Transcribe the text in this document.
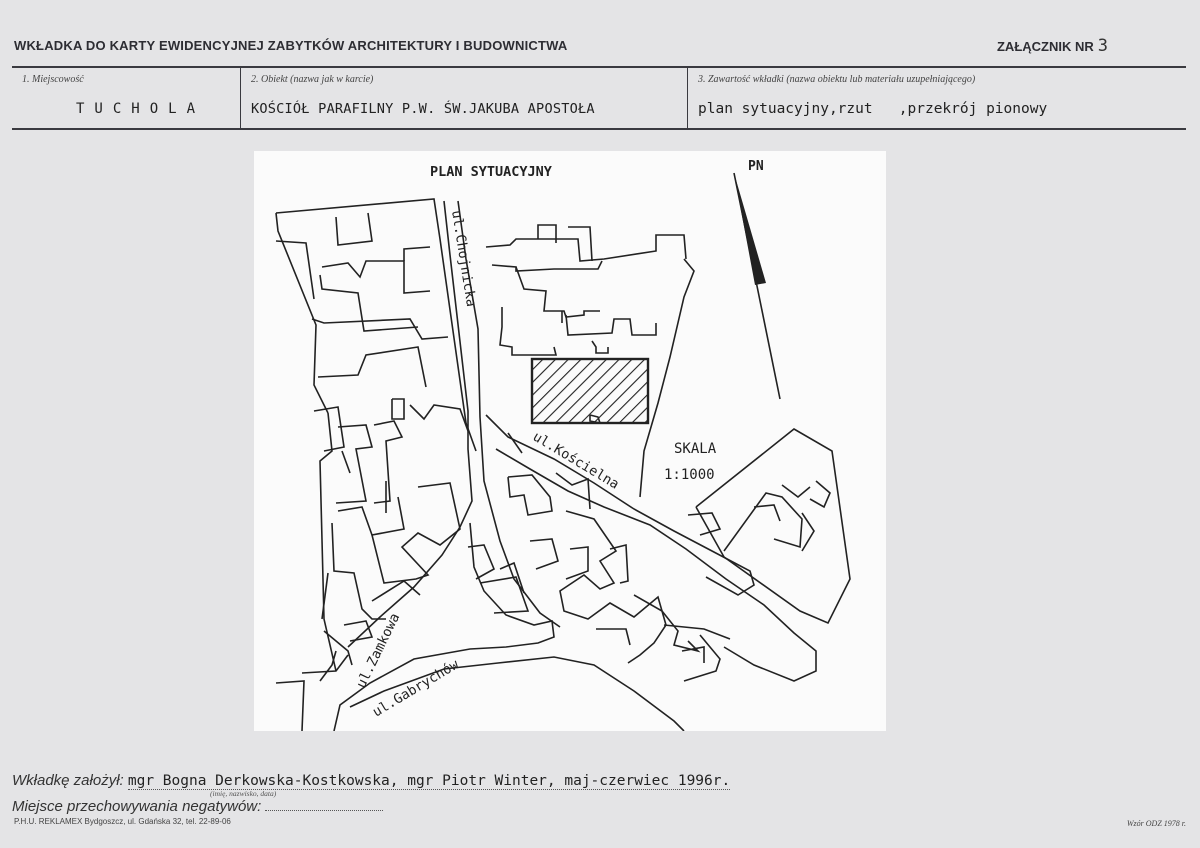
WKŁADKA DO KARTY EWIDENCYJNEJ ZABYTKÓW ARCHITEKTURY I BUDOWNICTWA	ZAŁĄCZNIK NR 3
1. Miejscowość
TUCHOLA
2. Obiekt (nazwa jak w karcie)
KOŚCIÓŁ PARAFILNY P.W. ŚW.JAKUBA APOSTOŁA
3. Zawartość wkładki (nazwa obiektu lub materiału uzupełniającego)
plan sytuacyjny,rzut   ,przekrój pionowy
PLAN SYTUACYJNY	PN
SKALA
1:1000
ul.Chojnicka
ul.Kościelna
ul.Zamkowa
ul.Gabrychów
Wkładkę założył: mgr Bogna Derkowska-Kostkowska, mgr Piotr Winter, maj-czerwiec 1996r.
(imię, nazwisko, data)
Miejsce przechowywania negatywów:
P.H.U. REKLAMEX Bydgoszcz, ul. Gdańska 32, tel. 22-89-06	Wzór ODZ 1978 r.
